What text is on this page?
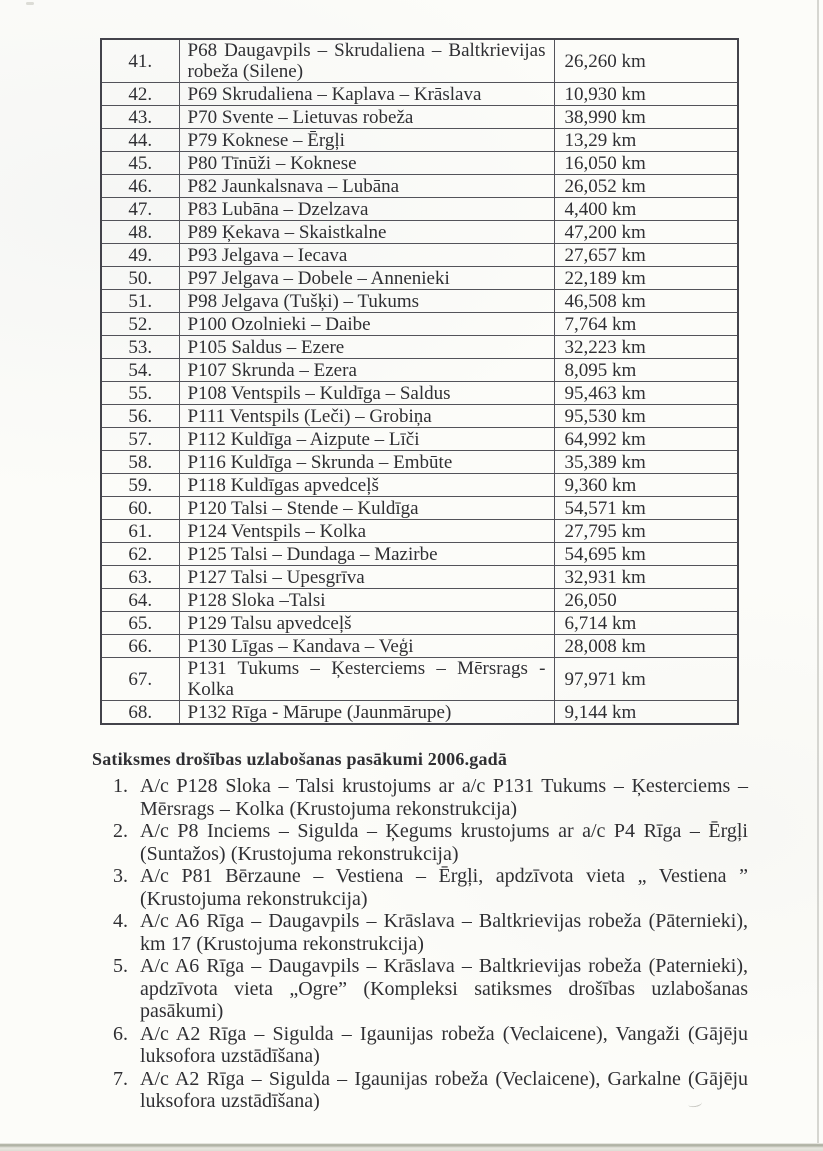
41.	P68 Daugavpils – Skrudaliena – Baltkrievijas robeža (Silene)	26,260 km
42.	P69 Skrudaliena – Kaplava – Krāslava	10,930 km
43.	P70 Svente – Lietuvas robeža	38,990 km
44.	P79 Koknese – Ērgļi	13,29 km
45.	P80 Tīnūži – Koknese	16,050 km
46.	P82 Jaunkalsnava – Lubāna	26,052 km
47.	P83 Lubāna – Dzelzava	4,400 km
48.	P89 Ķekava – Skaistkalne	47,200 km
49.	P93 Jelgava – Iecava	27,657 km
50.	P97 Jelgava – Dobele – Annenieki	22,189 km
51.	P98 Jelgava (Tušķi) – Tukums	46,508 km
52.	P100 Ozolnieki – Daibe	7,764 km
53.	P105 Saldus – Ezere	32,223 km
54.	P107 Skrunda – Ezera	8,095 km
55.	P108 Ventspils – Kuldīga – Saldus	95,463 km
56.	P111 Ventspils (Leči) – Grobiņa	95,530 km
57.	P112 Kuldīga – Aizpute – Līči	64,992 km
58.	P116 Kuldīga – Skrunda – Embūte	35,389 km
59.	P118 Kuldīgas apvedceļš	9,360 km
60.	P120 Talsi – Stende – Kuldīga	54,571 km
61.	P124 Ventspils – Kolka	27,795 km
62.	P125 Talsi – Dundaga – Mazirbe	54,695 km
63.	P127 Talsi – Upesgrīva	32,931 km
64.	P128 Sloka –Talsi	26,050
65.	P129 Talsu apvedceļš	6,714 km
66.	P130 Līgas – Kandava – Veģi	28,008 km
67.	P131 Tukums – Ķesterciems – Mērsrags - Kolka	97,971 km
68.	P132 Rīga - Mārupe (Jaunmārupe)	9,144 km
Satiksmes drošības uzlabošanas pasākumi 2006.gadā
1. A/c P128 Sloka – Talsi krustojums ar a/c P131 Tukums – Ķesterciems – Mērsrags – Kolka (Krustojuma rekonstrukcija)
2. A/c P8 Inciems – Sigulda – Ķegums krustojums ar a/c P4 Rīga – Ērgļi (Suntažos) (Krustojuma rekonstrukcija)
3. A/c P81 Bērzaune – Vestiena – Ērgļi, apdzīvota vieta „ Vestiena ” (Krustojuma rekonstrukcija)
4. A/c A6 Rīga – Daugavpils – Krāslava – Baltkrievijas robeža (Pāternieki), km 17 (Krustojuma rekonstrukcija)
5. A/c A6 Rīga – Daugavpils – Krāslava – Baltkrievijas robeža (Paternieki), apdzīvota vieta „Ogre” (Kompleksi satiksmes drošības uzlabošanas pasākumi)
6. A/c A2 Rīga – Sigulda – Igaunijas robeža (Veclaicene), Vangaži (Gājēju luksofora uzstādīšana)
7. A/c A2 Rīga – Sigulda – Igaunijas robeža (Veclaicene), Garkalne (Gājēju luksofora uzstādīšana)
